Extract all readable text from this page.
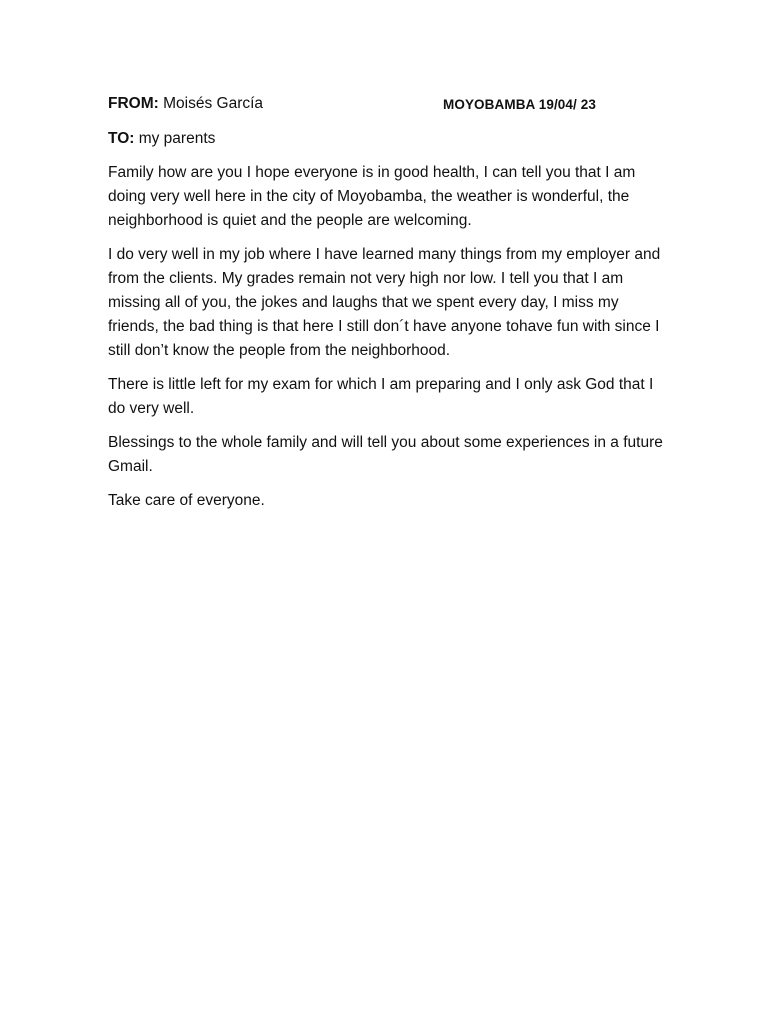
FROM: Moisés García	MOYOBAMBA 19/04/ 23
TO: my parents

Family how are you I hope everyone is in good health, I can tell you that I am doing very well here in the city of Moyobamba, the weather is wonderful, the neighborhood is quiet and the people are welcoming.

I do very well in my job where I have learned many things from my employer and from the clients. My grades remain not very high nor low. I tell you that I am missing all of you, the jokes and laughs that we spent every day, I miss my friends, the bad thing is that here I still don´t have anyone tohave fun with since I still don’t know the people from the neighborhood.

There is little left for my exam for which I am preparing and I only ask God that I do very well.

Blessings to the whole family and will tell you about some experiences in a future Gmail.

Take care of everyone.
